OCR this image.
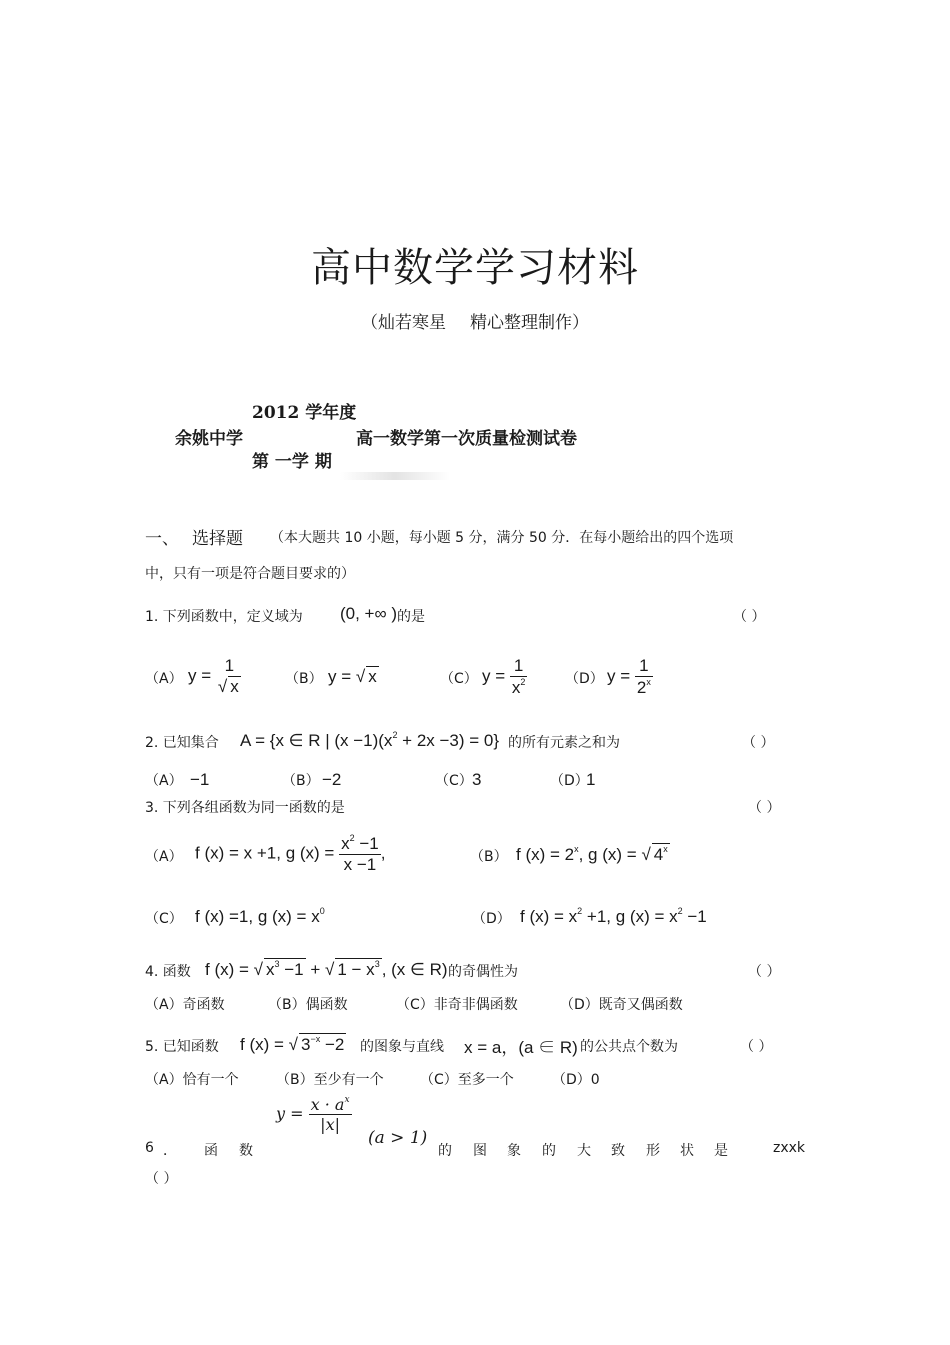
高中数学学习材料
（灿若寒星 精心整理制作）
2012 学年度
余姚中学	高一数学第一次质量检测试卷
第 一学 期
一、 选择题 （本大题共 10 小题，每小题 5 分，满分 50 分．在每小题给出的四个选项
中，只有一项是符合题目要求的）
1. 下列函数中，定义域为 (0, +∞ ) 的是	（ ）
（A） y =
1
√ x	（B） y = √ x	（C） $y = \frac{1}{x^2}$	（D） $y = \frac{1}{2^x}$
2. 已知集合 A = {x ∈ R | $(x -1)(x^2 + 2x -3) = 0$} 的所有元素之和为	（ ）
（A） −1	（B） −2	（C） 3	（D）
1
3. 下列各组函数为同一函数的是	（ ）
（A） f (x) = x +1, g $(x) = \frac{x^2 -1}{x -1}$ ,	（B） f $(x) = 2^x$, g (x) = √ 4$^x$
（C） f (x) =1, g $(x) = x^0$	（D） f $(x) = x^2 +1$, g $(x) = x^2 -1$
4. 函数 f (x) = √ $x^3 -1$ + √ $1 - x^3$ , (x ∈ R) 的奇偶性为	（ ）
（A）奇函数	（B）偶函数	（C）非奇非偶函数	（D）既奇又偶函数
5. 已知函数 f (x) = √ $3^{-x} -2$ 的图象与直线 x = a，(a ∈ R) 的公共点个数为	（ ）
（A）恰有一个	（B）至少有一个	（C）至多一个	（D）0
6 ． 函 数
$y = \frac{x \cdot a^x}{|x|}$
(a > 1)
的 图 象 的 大 致 形 状 是	zxxk
（ ）
